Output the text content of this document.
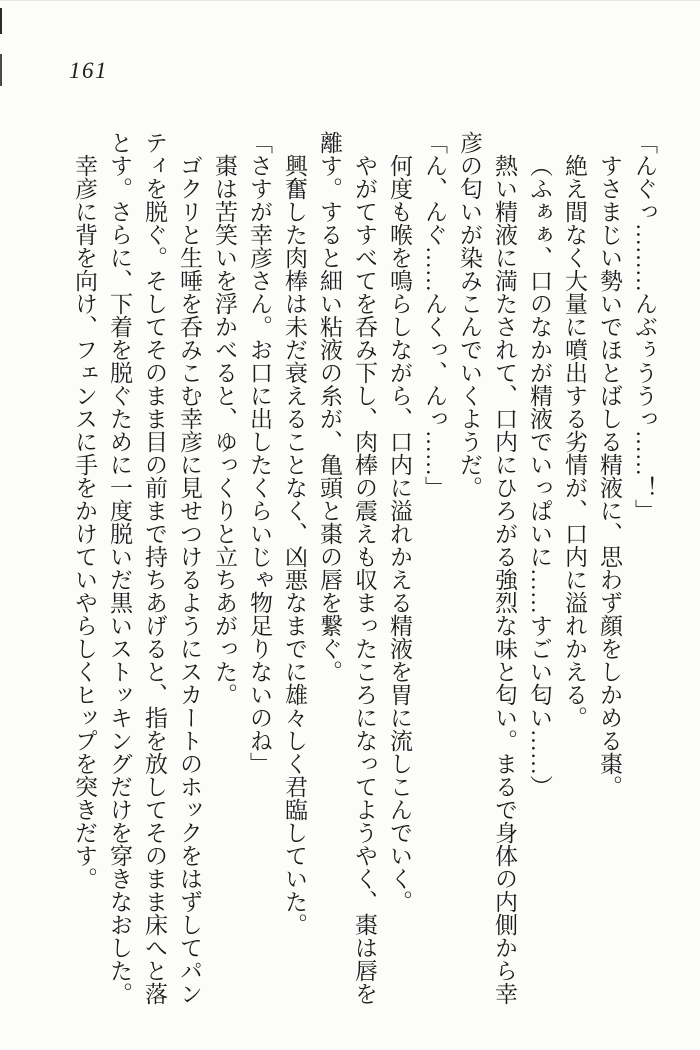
161

「んぐっ………んぶぅううっ……！」

すさまじい勢いでほとばしる精液に、思わず顔をしかめる棗。

絶え間なく大量に噴出する劣情が、口内に溢れかえる。

（ふぁぁ、口のなかが精液でいっぱいに……すごい匂い……）

熱い精液に満たされて、口内にひろがる強烈な味と匂い。まるで身体の内側から幸彦の匂いが染みこんでいくようだ。

「ん、んぐ……んくっ、んっ……」

何度も喉を鳴らしながら、口内に溢れかえる精液を胃に流しこんでいく。

やがてすべてを呑み下し、肉棒の震えも収まったころになってようやく、棗は唇を離す。すると細い粘液の糸が、亀頭と棗の唇を繋ぐ。

興奮した肉棒は未だ衰えることなく、凶悪なまでに雄々しく君臨していた。

「さすが幸彦さん。お口に出したくらいじゃ物足りないのね」

棗は苦笑いを浮かべると、ゆっくりと立ちあがった。

ゴクリと生唾を呑みこむ幸彦に見せつけるようにスカートのホックをはずしてパンティを脱ぐ。そしてそのまま目の前まで持ちあげると、指を放してそのまま床へと落とす。さらに、下着を脱ぐために一度脱いだ黒いストッキングだけを穿きなおした。

幸彦に背を向け、フェンスに手をかけていやらしくヒップを突きだす。
